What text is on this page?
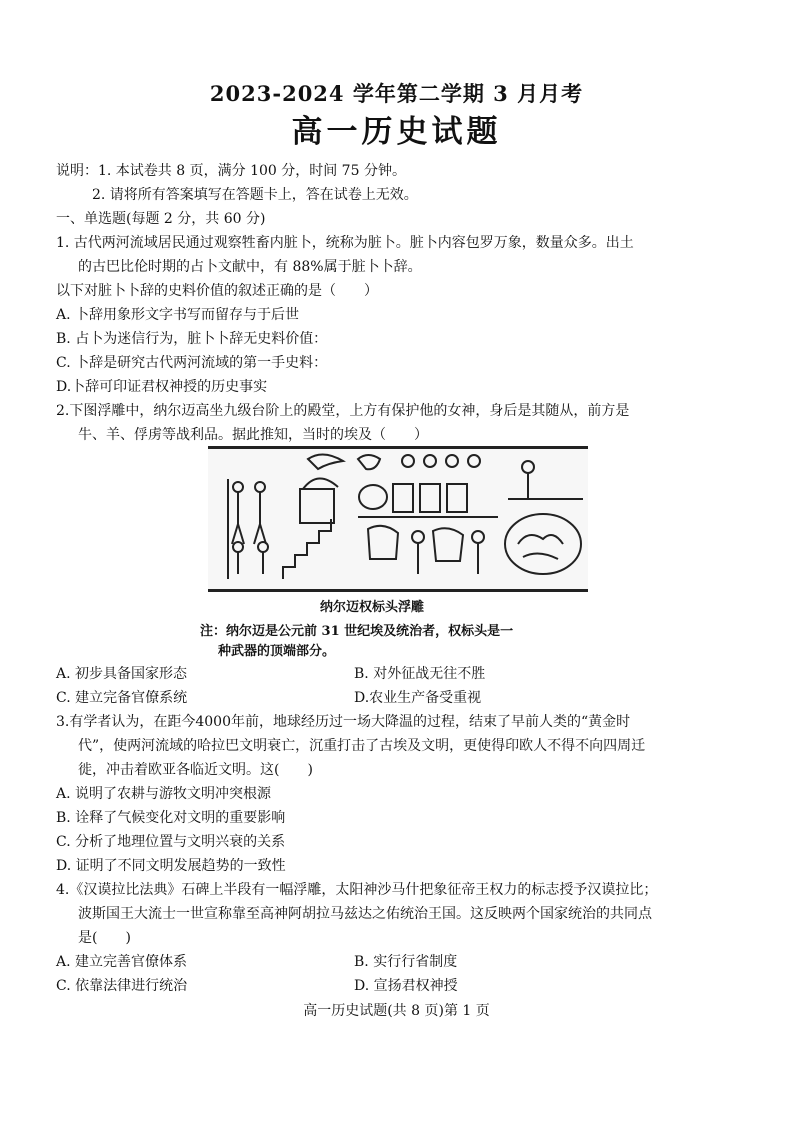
2023-2024 学年第二学期 3 月月考
高一历史试题
说明：1. 本试卷共 8 页，满分 100 分，时间 75 分钟。
2. 请将所有答案填写在答题卡上，答在试卷上无效。
一、单选题(每题 2 分，共 60 分)
1. 古代两河流域居民通过观察牲畜内脏卜，统称为脏卜。脏卜内容包罗万象，数量众多。出土
的古巴比伦时期的占卜文献中，有 88%属于脏卜卜辞。
以下对脏卜卜辞的史料价值的叙述正确的是（　　）
A. 卜辞用象形文字书写而留存与于后世
B. 占卜为迷信行为，脏卜卜辞无史料价值：
C. 卜辞是研究古代两河流域的第一手史料：
D.卜辞可印证君权神授的历史事实
2.下图浮雕中，纳尔迈高坐九级台阶上的殿堂，上方有保护他的女神，身后是其随从，前方是
牛、羊、俘虏等战利品。据此推知，当时的埃及（　　）
纳尔迈权标头浮雕
注：纳尔迈是公元前 31 世纪埃及统治者，权标头是一
种武器的顶端部分。
A. 初步具备国家形态	B. 对外征战无往不胜
C. 建立完备官僚系统	D.农业生产备受重视
3.有学者认为，在距今4000年前，地球经历过一场大降温的过程，结束了早前人类的“黄金时
代”，使两河流域的哈拉巴文明衰亡，沉重打击了古埃及文明，更使得印欧人不得不向四周迁
徙，冲击着欧亚各临近文明。这(　　)
A. 说明了农耕与游牧文明冲突根源
B. 诠释了气候变化对文明的重要影响
C. 分析了地理位置与文明兴衰的关系
D. 证明了不同文明发展趋势的一致性
4.《汉谟拉比法典》石碑上半段有一幅浮雕，太阳神沙马什把象征帝王权力的标志授予汉谟拉比；
波斯国王大流士一世宣称靠至高神阿胡拉马兹达之佑统治王国。这反映两个国家统治的共同点
是(　　)
A. 建立完善官僚体系	B. 实行行省制度
C. 依靠法律进行统治	D. 宣扬君权神授
高一历史试题(共 8 页)第 1 页
